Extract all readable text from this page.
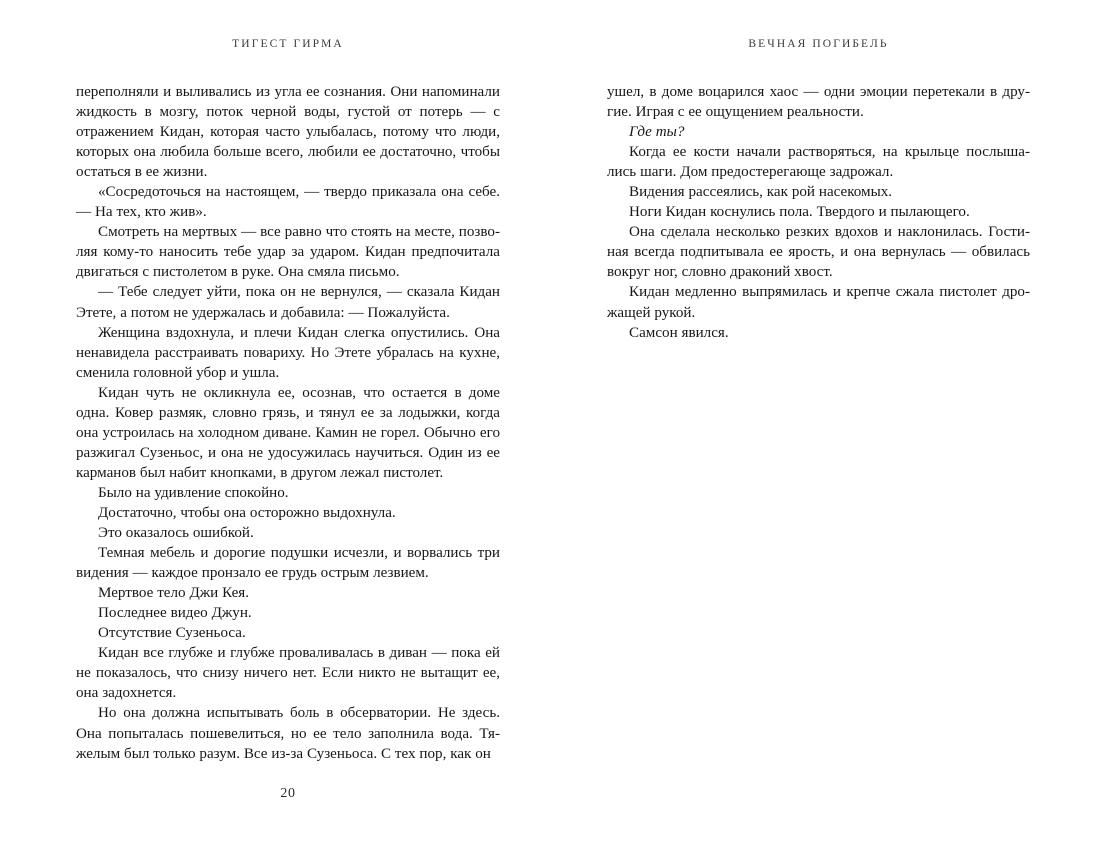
ТИГЕСТ ГИРМА

переполняли и выливались из угла ее сознания. Они напоминали жидкость в мозгу, поток черной воды, густой от потерь — с отражением Кидан, которая часто улыбалась, потому что люди, которых она любила больше всего, любили ее достаточно, чтобы остаться в ее жизни.

«Сосредоточься на настоящем, — твердо приказала она себе. — На тех, кто жив».

Смотреть на мертвых — все равно что стоять на месте, позволяя кому-то наносить тебе удар за ударом. Кидан предпочитала двигаться с пистолетом в руке. Она смяла письмо.

— Тебе следует уйти, пока он не вернулся, — сказала Кидан Этете, а потом не удержалась и добавила: — Пожалуйста.

Женщина вздохнула, и плечи Кидан слегка опустились. Она ненавидела расстраивать повариху. Но Этете убралась на кухне, сменила головной убор и ушла.

Кидан чуть не окликнула ее, осознав, что остается в доме одна. Ковер размяк, словно грязь, и тянул ее за лодыжки, когда она устроилась на холодном диване. Камин не горел. Обычно его разжигал Сузеньос, и она не удосужилась научиться. Один из ее карманов был набит кнопками, в другом лежал пистолет.

Было на удивление спокойно.

Достаточно, чтобы она осторожно выдохнула.

Это оказалось ошибкой.

Темная мебель и дорогие подушки исчезли, и ворвались три видения — каждое пронзало ее грудь острым лезвием.

Мертвое тело Джи Кея.

Последнее видео Джун.

Отсутствие Сузеньоса.

Кидан все глубже и глубже проваливалась в диван — пока ей не показалось, что снизу ничего нет. Если никто не вытащит ее, она задохнется.

Но она должна испытывать боль в обсерватории. Не здесь. Она попыталась пошевелиться, но ее тело заполнила вода. Тяжелым был только разум. Все из-за Сузеньоса. С тех пор, как он

20
ВЕЧНАЯ ПОГИБЕЛЬ

ушел, в доме воцарился хаос — одни эмоции перетекали в другие. Играя с ее ощущением реальности.

Где ты?

Когда ее кости начали растворяться, на крыльце послышались шаги. Дом предостерегающе задрожал.

Видения рассеялись, как рой насекомых.

Ноги Кидан коснулись пола. Твердого и пылающего.

Она сделала несколько резких вдохов и наклонилась. Гостиная всегда подпитывала ее ярость, и она вернулась — обвилась вокруг ног, словно драконий хвост.

Кидан медленно выпрямилась и крепче сжала пистолет дрожащей рукой.

Самсон явился.
